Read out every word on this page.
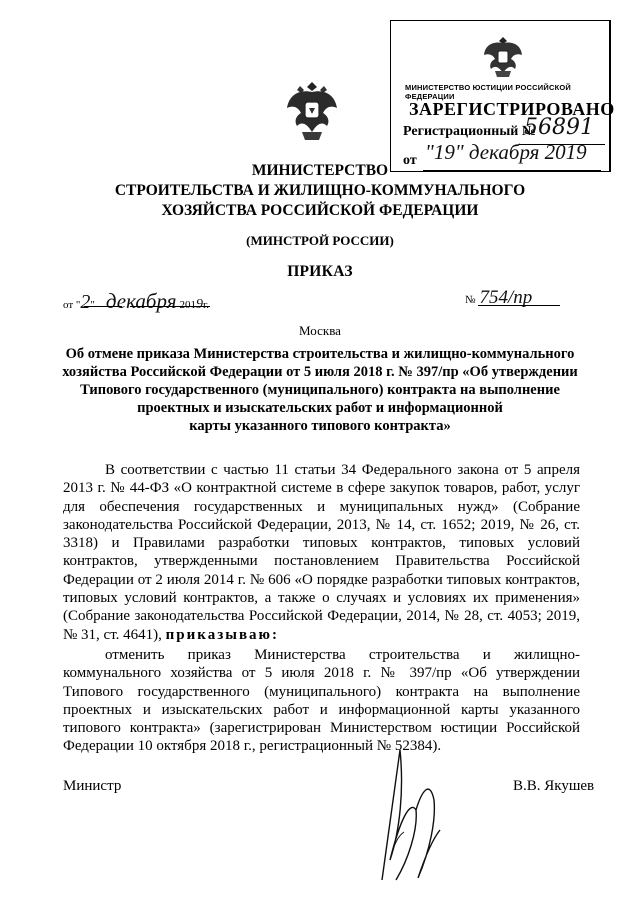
МИНИСТЕРСТВО ЮСТИЦИИ РОССИЙСКОЙ ФЕДЕРАЦИИ
ЗАРЕГИСТРИРОВАНО
Регистрационный №
56891
от "19" декабря 2019
МИНИСТЕРСТВО
СТРОИТЕЛЬСТВА И ЖИЛИЩНО-КОММУНАЛЬНОГО
ХОЗЯЙСТВА РОССИЙСКОЙ ФЕДЕРАЦИИ
(МИНСТРОЙ РОССИИ)
ПРИКАЗ
от "2" декабря 2019г.	№ 754/пр
Москва
Об отмене приказа Министерства строительства и жилищно-коммунального
хозяйства Российской Федерации от 5 июля 2018 г. № 397/пр «Об утверждении
Типового государственного (муниципального) контракта на выполнение
проектных и изыскательских работ и информационной
карты указанного типового контракта»

В соответствии с частью 11 статьи 34 Федерального закона от 5 апреля 2013 г. № 44-ФЗ «О контрактной системе в сфере закупок товаров, работ, услуг для обеспечения государственных и муниципальных нужд» (Собрание законодательства Российской Федерации, 2013, № 14, ст. 1652; 2019, № 26, ст. 3318) и Правилами разработки типовых контрактов, типовых условий контрактов, утвержденными постановлением Правительства Российской Федерации от 2 июля 2014 г. № 606 «О порядке разработки типовых контрактов, типовых условий контрактов, а также о случаях и условиях их применения» (Собрание законодательства Российской Федерации, 2014, № 28, ст. 4053; 2019, № 31, ст. 4641), приказываю:

отменить приказ Министерства строительства и жилищно-коммунального хозяйства от 5 июля 2018 г. № 397/пр «Об утверждении Типового государственного (муниципального) контракта на выполнение проектных и изыскательских работ и информационной карты указанного типового контракта» (зарегистрирован Министерством юстиции Российской Федерации 10 октября 2018 г., регистрационный № 52384).

Министр	В.В. Якушев
